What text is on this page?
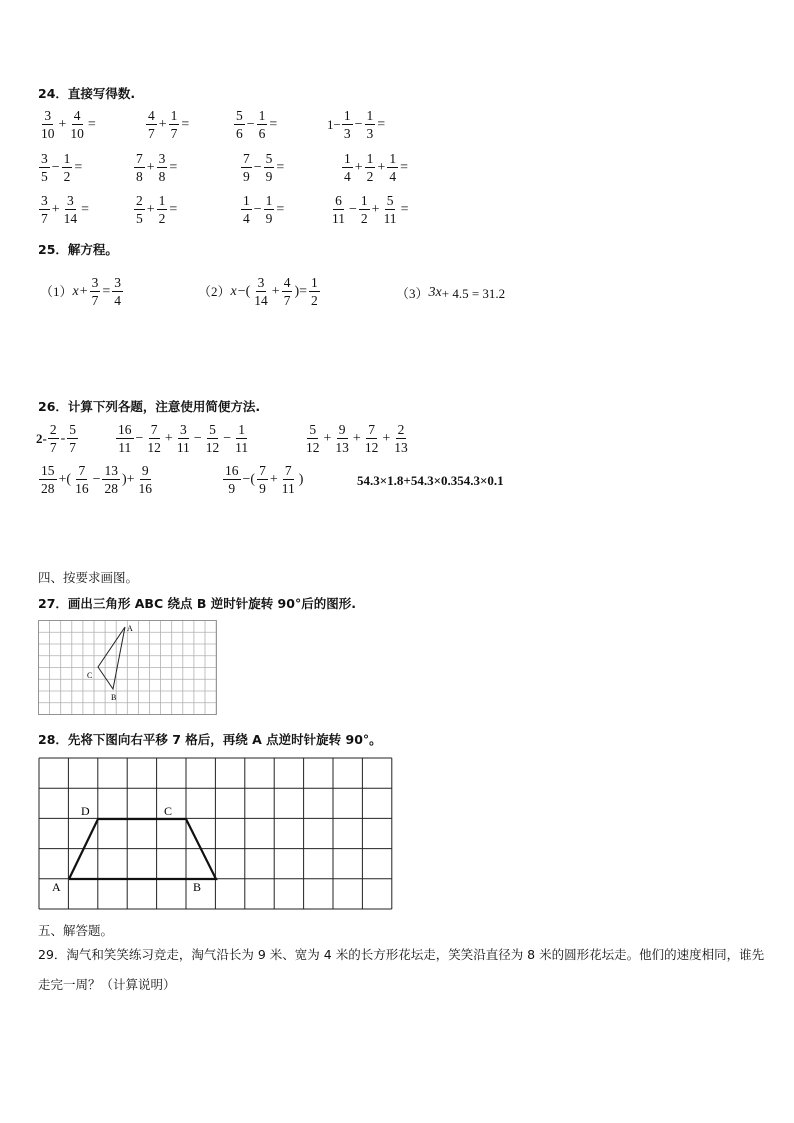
24．直接写得数.
$\frac{3}{10} + \frac{4}{10}$ =	$\frac{4}{7} + \frac{1}{7}$ =	$\frac{5}{6} - \frac{1}{6}$ =	$1- \frac{1}{3} - \frac{1}{3}$ =
$\frac{3}{5} - \frac{1}{2}$ =	$\frac{7}{8} + \frac{3}{8}$ =	$\frac{7}{9} - \frac{5}{9}$ =	$\frac{1}{4} + \frac{1}{2} + \frac{1}{4}$ =
$\frac{3}{7} + \frac{3}{14}$ =	$\frac{2}{5} + \frac{1}{2}$ =	$\frac{1}{4} - \frac{1}{9}$ =	$\frac{6}{11} - \frac{1}{2} + \frac{5}{11}$ =
25．解方程。
（1） $x + \frac{3}{7} = \frac{3}{4}$	（2） x −( $\frac{3}{14} + \frac{4}{7}$ )= $\frac{1}{2}$	（3） 3x + 4.5 = 31.2
26．计算下列各题，注意使用简便方法.
$2- \frac{2}{7} - \frac{5}{7}$	$\frac{16}{11} - \frac{7}{12} + \frac{3}{11} - \frac{5}{12} - \frac{1}{11}$	$\frac{5}{12} + \frac{9}{13} + \frac{7}{12} + \frac{2}{13}$
$\frac{15}{28}$ +( $\frac{7}{16} - \frac{13}{28}$ )+ $\frac{9}{16}$	$\frac{16}{9}$ −( $\frac{7}{9} + \frac{7}{11}$ )	54.3×1.8+54.3×0.354.3×0.1
四、按要求画图。
27．画出三角形 ABC 绕点 B 逆时针旋转 90°后的图形.
A
C
B
28．先将下图向右平移 7 格后，再绕 A 点逆时针旋转 90°。
D	C
A	B
五、解答题。
29．淘气和笑笑练习竞走，淘气沿长为 9 米、宽为 4 米的长方形花坛走，笑笑沿直径为 8 米的圆形花坛走。他们的速度相同，谁先走完一周？（计算说明）
